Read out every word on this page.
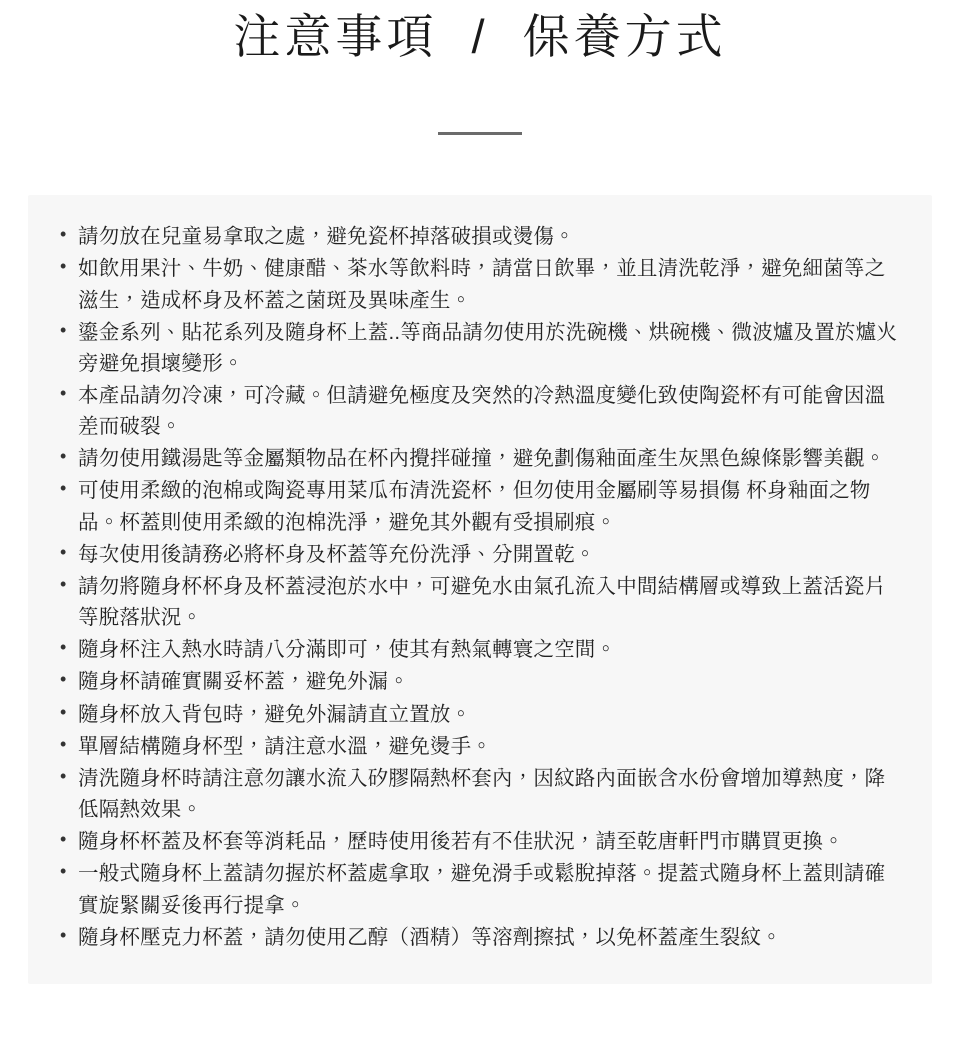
注意事項  /  保養方式
• 請勿放在兒童易拿取之處，避免瓷杯掉落破損或燙傷。
• 如飲用果汁、牛奶、健康醋、茶水等飲料時，請當日飲畢，並且清洗乾淨，避免細菌等之滋生，造成杯身及杯蓋之菌斑及異味產生。
• 鎏金系列、貼花系列及隨身杯上蓋..等商品請勿使用於洗碗機、烘碗機、微波爐及置於爐火旁避免損壞變形。
• 本產品請勿冷凍，可冷藏。但請避免極度及突然的冷熱溫度變化致使陶瓷杯有可能會因溫差而破裂。
• 請勿使用鐵湯匙等金屬類物品在杯內攪拌碰撞，避免劃傷釉面產生灰黑色線條影響美觀。
• 可使用柔緻的泡棉或陶瓷專用菜瓜布清洗瓷杯，但勿使用金屬刷等易損傷 杯身釉面之物品。杯蓋則使用柔緻的泡棉洗淨，避免其外觀有受損刷痕。
• 每次使用後請務必將杯身及杯蓋等充份洗淨、分開置乾。
• 請勿將隨身杯杯身及杯蓋浸泡於水中，可避免水由氣孔流入中間結構層或導致上蓋活瓷片等脫落狀況。
• 隨身杯注入熱水時請八分滿即可，使其有熱氣轉寰之空間。
• 隨身杯請確實關妥杯蓋，避免外漏。
• 隨身杯放入背包時，避免外漏請直立置放。
• 單層結構隨身杯型，請注意水溫，避免燙手。
• 清洗隨身杯時請注意勿讓水流入矽膠隔熱杯套內，因紋路內面嵌含水份會增加導熱度，降低隔熱效果。
• 隨身杯杯蓋及杯套等消耗品，歷時使用後若有不佳狀況，請至乾唐軒門市購買更換。
• 一般式隨身杯上蓋請勿握於杯蓋處拿取，避免滑手或鬆脫掉落。提蓋式隨身杯上蓋則請確實旋緊關妥後再行提拿。
• 隨身杯壓克力杯蓋，請勿使用乙醇（酒精）等溶劑擦拭，以免杯蓋產生裂紋。
